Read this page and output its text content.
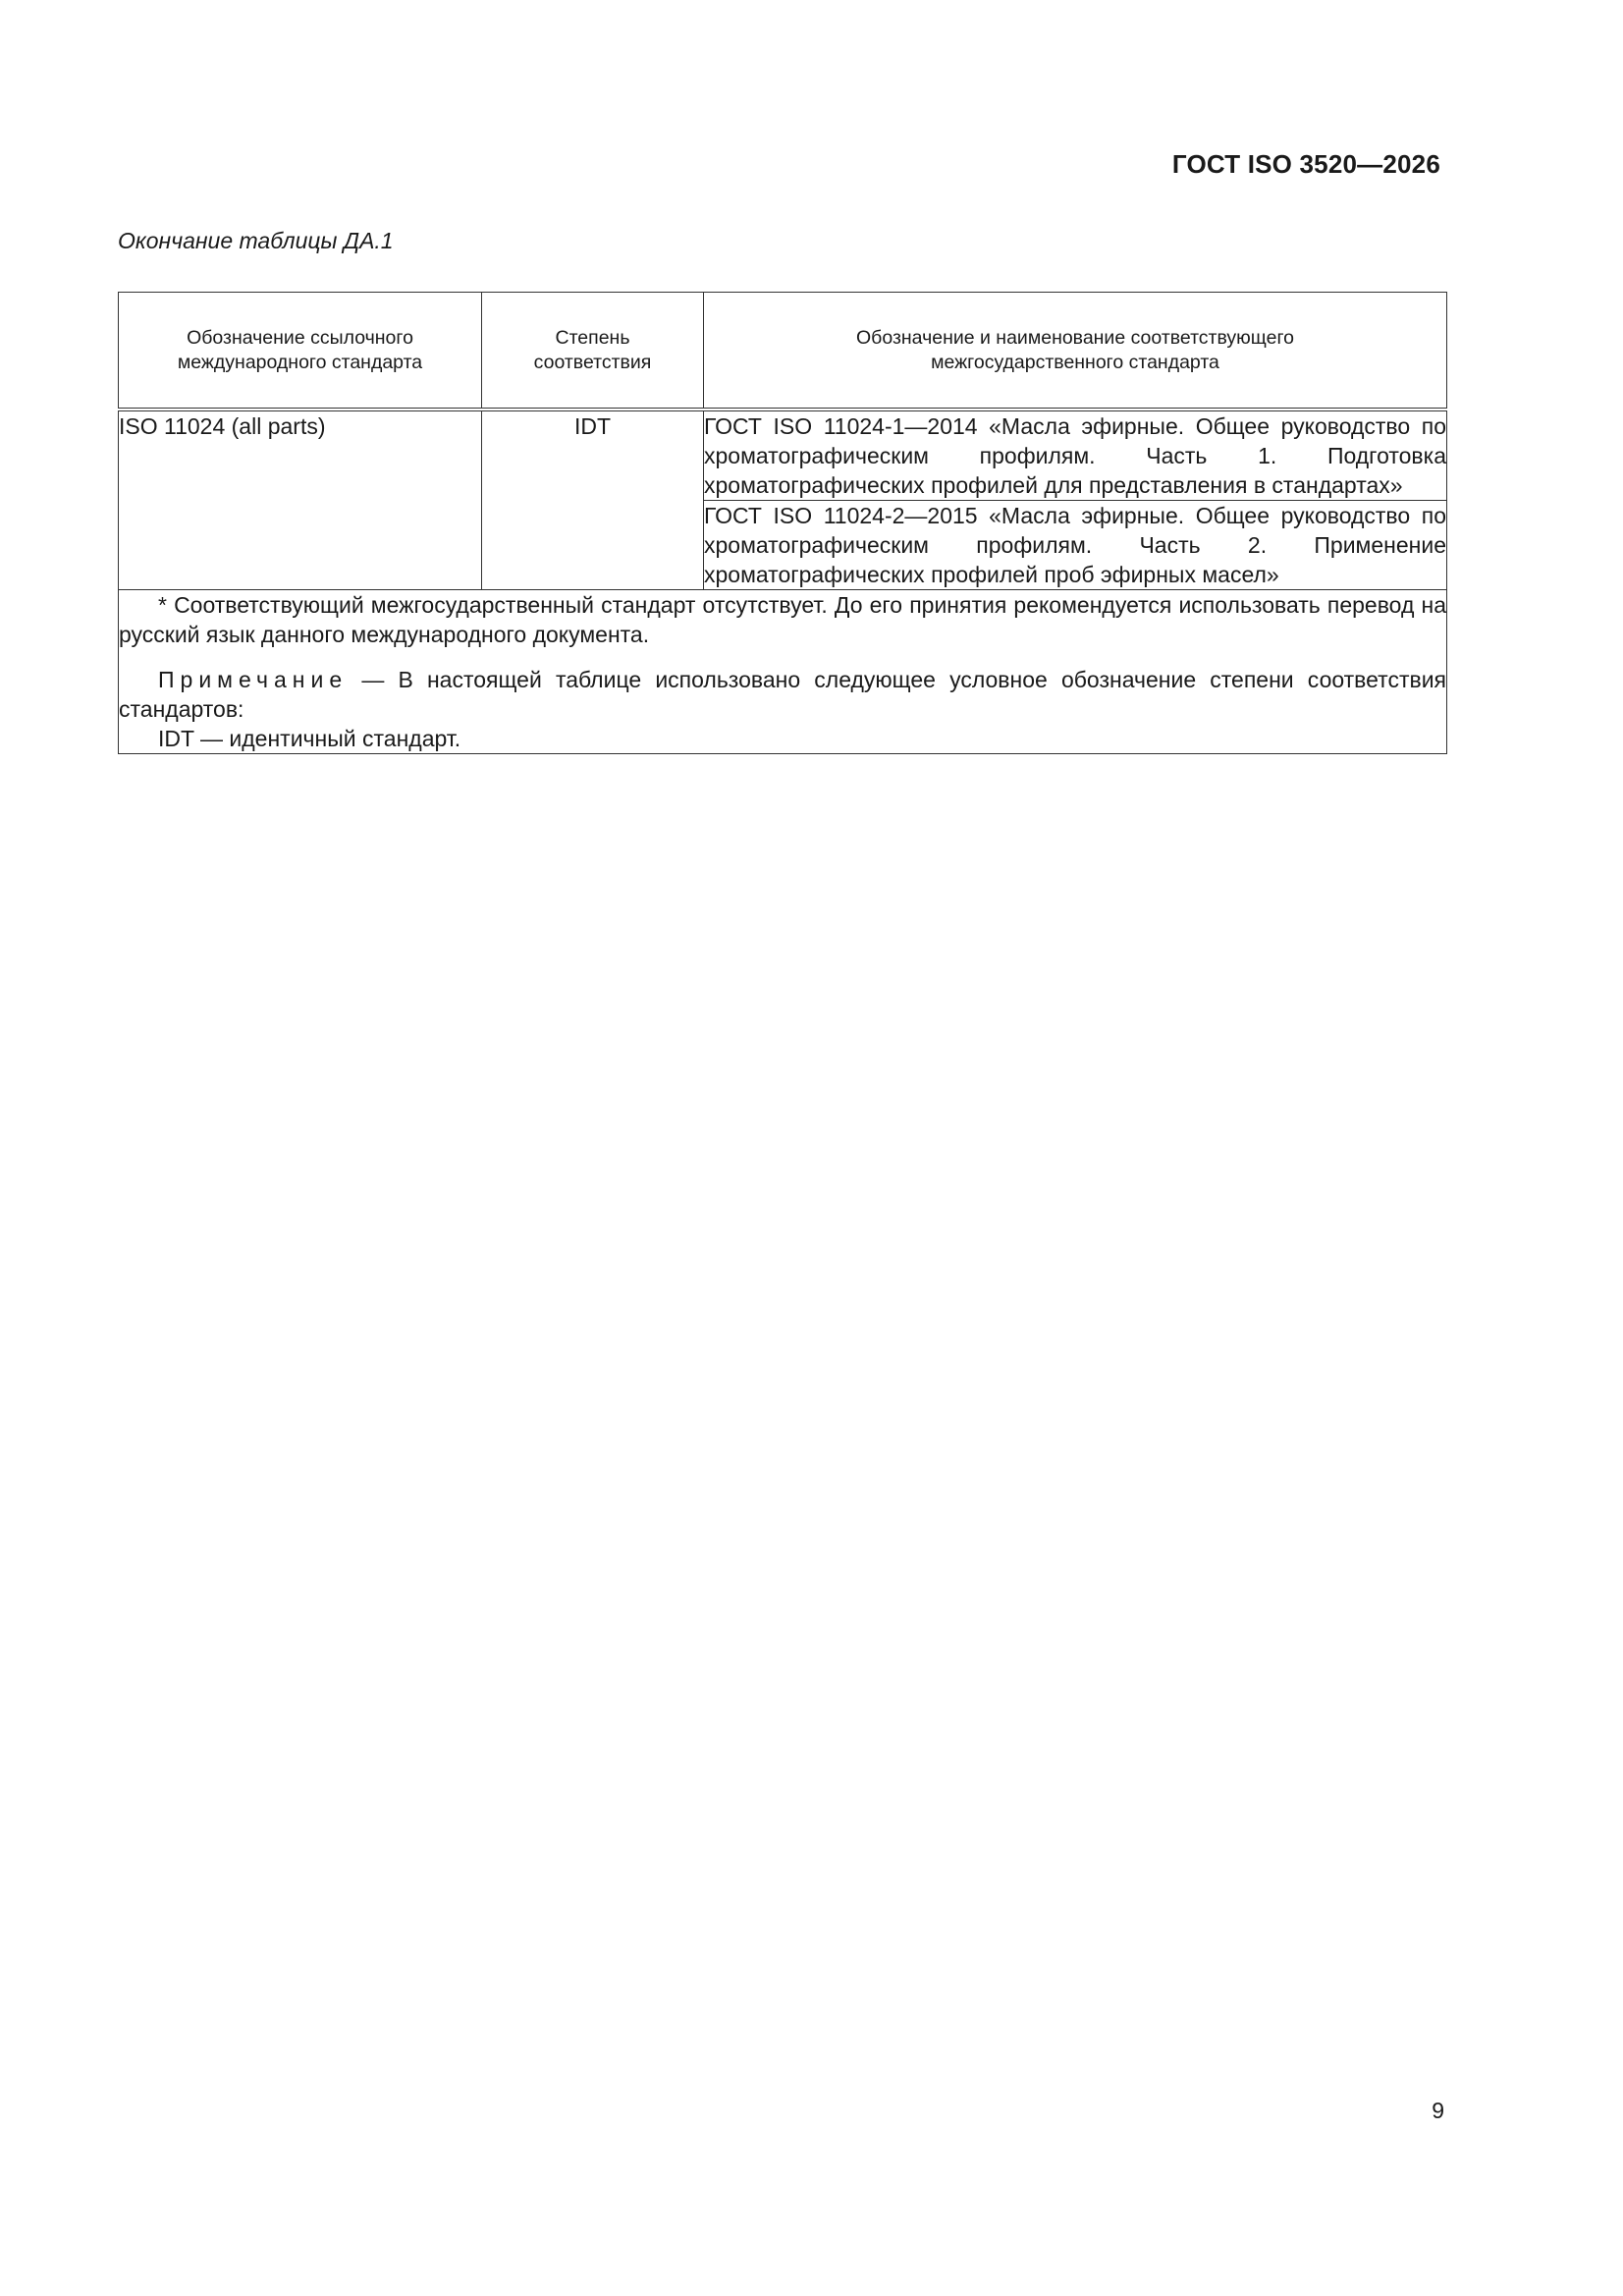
ГОСТ ISO 3520—2026
Окончание таблицы ДА.1
Обозначение ссылочного международного стандарта	Степень соответствия	Обозначение и наименование соответствующего межгосударственного стандарта
ISO 11024 (all parts)	IDT	ГОСТ ISO 11024-1—2014 «Масла эфирные. Общее руководство по хроматографическим профилям. Часть 1. Подготовка хроматографических профилей для представления в стандартах»
		ГОСТ ISO 11024-2—2015 «Масла эфирные. Общее руководство по хроматографическим профилям. Часть 2. Применение хроматографических профилей проб эфирных масел»

* Соответствующий межгосударственный стандарт отсутствует. До его принятия рекомендуется использовать перевод на русский язык данного международного документа.

Примечание — В настоящей таблице использовано следующее условное обозначение степени соответствия стандартов:

IDT — идентичный стандарт.		

9
